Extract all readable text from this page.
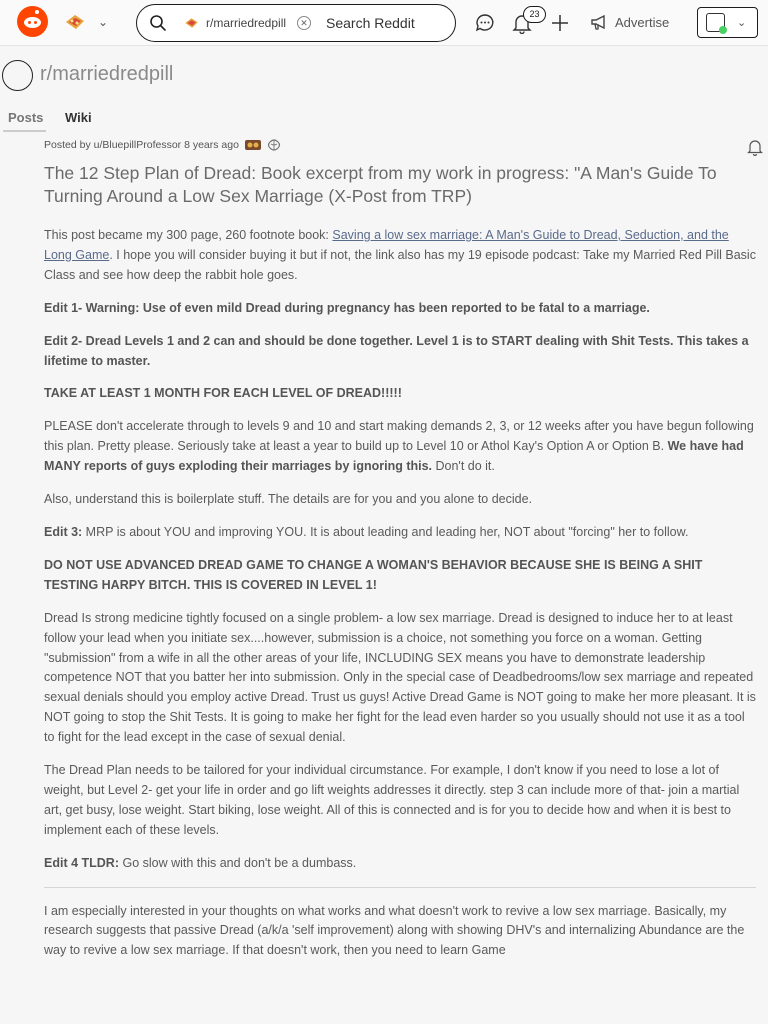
⌄	r/marriedredpill	✕ Search Reddit
23
Advertise	⌄
r/marriedredpill
Posts Wiki
Posted by u/BluepillProfessor 8 years ago
The 12 Step Plan of Dread: Book excerpt from my work in progress: "A Man's Guide To Turning Around a Low Sex Marriage (X-Post from TRP)

This post became my 300 page, 260 footnote book: Saving a low sex marriage: A Man's Guide to Dread, Seduction, and the Long Game. I hope you will consider buying it but if not, the link also has my 19 episode podcast: Take my Married Red Pill Basic Class and see how deep the rabbit hole goes.

Edit 1- Warning: Use of even mild Dread during pregnancy has been reported to be fatal to a marriage.

Edit 2- Dread Levels 1 and 2 can and should be done together. Level 1 is to START dealing with Shit Tests. This takes a lifetime to master.

TAKE AT LEAST 1 MONTH FOR EACH LEVEL OF DREAD!!!!!

PLEASE don't accelerate through to levels 9 and 10 and start making demands 2, 3, or 12 weeks after you have begun following this plan. Pretty please. Seriously take at least a year to build up to Level 10 or Athol Kay's Option A or Option B. We have had MANY reports of guys exploding their marriages by ignoring this. Don't do it.

Also, understand this is boilerplate stuff. The details are for you and you alone to decide.

Edit 3: MRP is about YOU and improving YOU. It is about leading and leading her, NOT about "forcing" her to follow.

DO NOT USE ADVANCED DREAD GAME TO CHANGE A WOMAN'S BEHAVIOR BECAUSE SHE IS BEING A SHIT TESTING HARPY BITCH. THIS IS COVERED IN LEVEL 1!

Dread Is strong medicine tightly focused on a single problem- a low sex marriage. Dread is designed to induce her to at least follow your lead when you initiate sex....however, submission is a choice, not something you force on a woman. Getting "submission" from a wife in all the other areas of your life, INCLUDING SEX means you have to demonstrate leadership competence NOT that you batter her into submission. Only in the special case of Deadbedrooms/low sex marriage and repeated sexual denials should you employ active Dread. Trust us guys! Active Dread Game is NOT going to make her more pleasant. It is NOT going to stop the Shit Tests. It is going to make her fight for the lead even harder so you usually should not use it as a tool to fight for the lead except in the case of sexual denial.

The Dread Plan needs to be tailored for your individual circumstance. For example, I don't know if you need to lose a lot of weight, but Level 2- get your life in order and go lift weights addresses it directly. step 3 can include more of that- join a martial art, get busy, lose weight. Start biking, lose weight. All of this is connected and is for you to decide how and when it is best to implement each of these levels.

Edit 4 TLDR: Go slow with this and don't be a dumbass.

I am especially interested in your thoughts on what works and what doesn't work to revive a low sex marriage. Basically, my research suggests that passive Dread (a/k/a 'self improvement) along with showing DHV's and internalizing Abundance are the way to revive a low sex marriage. If that doesn't work, then you need to learn Game
